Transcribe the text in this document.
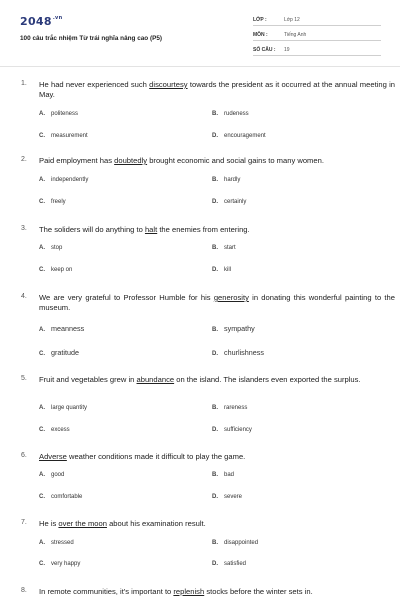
$2048^{.vn}$
100 câu trắc nhiệm Từ trái nghĩa nâng cao (P5)
LỚP :	Lớp 12
MÔN :	Tiếng Anh
SỐ CÂU : 19
1. He had never experienced such discourtesy towards the president as it occurred at the annual meeting in May.
A. politeness	B. rudeness
C. measurement	D. encouragement
2. Paid employment has doubtedly brought economic and social gains to many women.
A. independently	B. hardly
C. freely	D. certainly
3. The soliders will do anything to halt the enemies from entering.
A. stop	B. start
C. keep on	D. kill
4. We are very grateful to Professor Humble for his generosity in donating this wonderful painting to the museum.
A. meanness	B. sympathy
C. gratitude	D. churlishness
5. Fruit and vegetables grew in abundance on the island. The islanders even exported the surplus.
A. large quantity	B. rareness
C. excess	D. sufficiency
6. Adverse weather conditions made it difficult to play the game.
A. good	B. bad
C. comfortable	D. severe
7. He is over the moon about his examination result.
A. stressed	B. disappointed
C. very happy	D. satisfied
8. In remote communities, it's important to replenish stocks before the winter sets in.
